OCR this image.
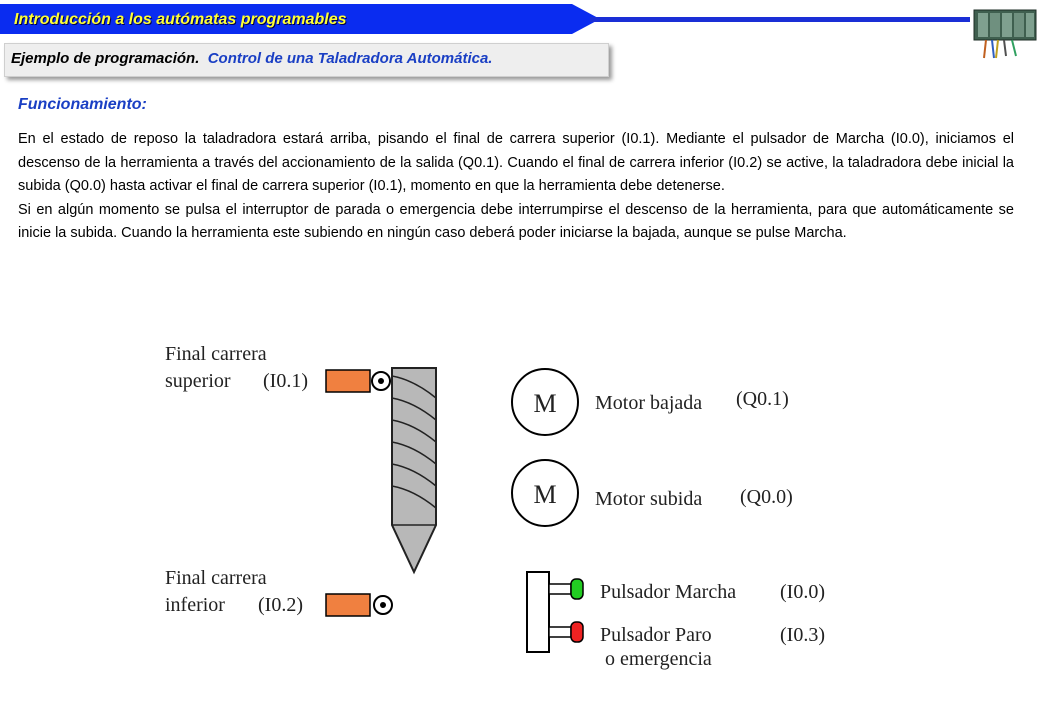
Introducción a los autómatas programables
Ejemplo de programación. Control de una Taladradora Automática.
Funcionamiento:

En el estado de reposo la taladradora estará arriba, pisando el final de carrera superior (I0.1). Mediante el pulsador de Marcha (I0.0), iniciamos el descenso de la herramienta a través del accionamiento de la salida (Q0.1). Cuando el final de carrera inferior (I0.2) se active, la taladradora debe inicial la subida (Q0.0) hasta activar el final de carrera superior (I0.1), momento en que la herramienta debe detenerse.

Si en algún momento se pulsa el interruptor de parada o emergencia debe interrumpirse el descenso de la herramienta, para que automáticamente se inicie la subida. Cuando la herramienta este subiendo en ningún caso deberá poder iniciarse la bajada, aunque se pulse Marcha.

Final carrera
superior (I0.1)
Final carrera
inferior (I0.2)
M Motor bajada (Q0.1)
M Motor subida (Q0.0)
Pulsador Marcha (I0.0)
Pulsador Paro
o emergencia
(I0.3)
